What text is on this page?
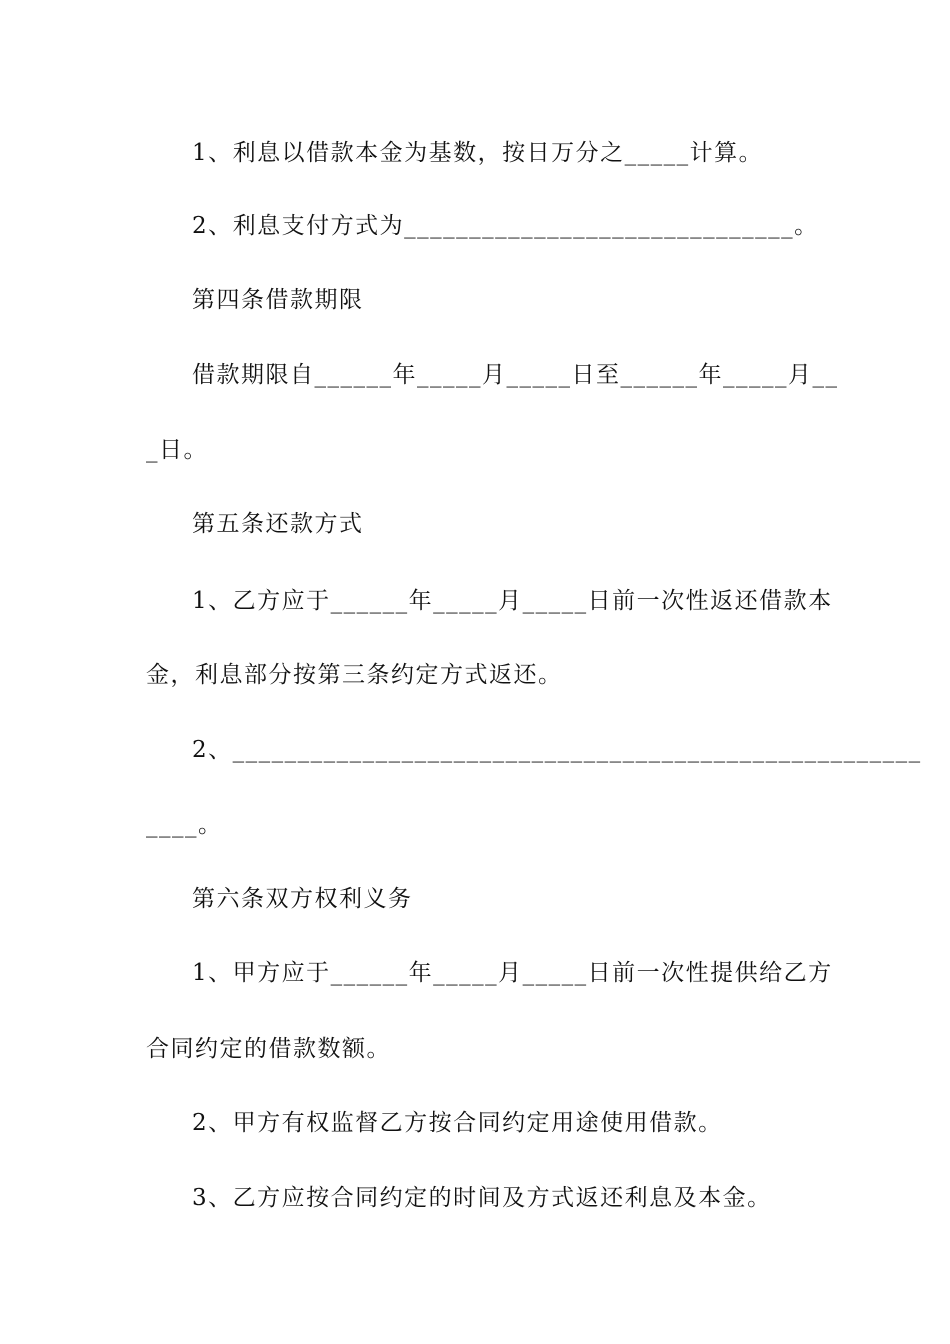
1、利息以借款本金为基数，按日万分之_____计算。
2、利息支付方式为______________________________。
第四条借款期限
借款期限自______年_____月_____日至______年_____月__
_日。
第五条还款方式
1、乙方应于______年_____月_____日前一次性返还借款本
金，利息部分按第三条约定方式返还。
2、_____________________________________________________
____。
第六条双方权利义务
1、甲方应于______年_____月_____日前一次性提供给乙方
合同约定的借款数额。
2、甲方有权监督乙方按合同约定用途使用借款。
3、乙方应按合同约定的时间及方式返还利息及本金。
